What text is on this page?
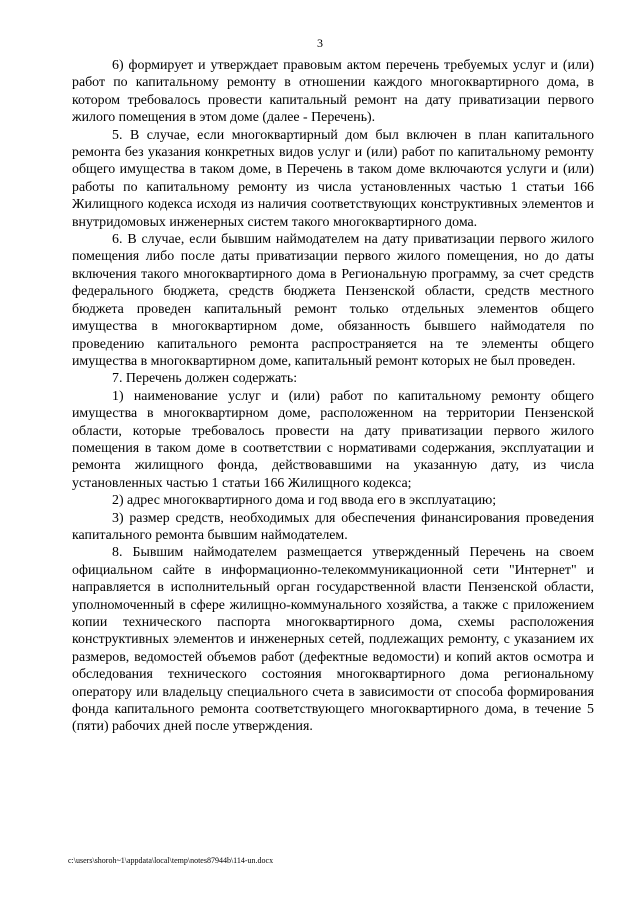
3

6) формирует и утверждает правовым актом перечень требуемых услуг и (или) работ по капитальному ремонту в отношении каждого многоквартирного дома, в котором требовалось провести капитальный ремонт на дату приватизации первого жилого помещения в этом доме (далее - Перечень).

5. В случае, если многоквартирный дом был включен в план капитального ремонта без указания конкретных видов услуг и (или) работ по капитальному ремонту общего имущества в таком доме, в Перечень в таком доме включаются услуги и (или) работы по капитальному ремонту из числа установленных частью 1 статьи 166 Жилищного кодекса исходя из наличия соответствующих конструктивных элементов и внутридомовых инженерных систем такого многоквартирного дома.

6. В случае, если бывшим наймодателем на дату приватизации первого жилого помещения либо после даты приватизации первого жилого помещения, но до даты включения такого многоквартирного дома в Региональную программу, за счет средств федерального бюджета, средств бюджета Пензенской области, средств местного бюджета проведен капитальный ремонт только отдельных элементов общего имущества в многоквартирном доме, обязанность бывшего наймодателя по проведению капитального ремонта распространяется на те элементы общего имущества в многоквартирном доме, капитальный ремонт которых не был проведен.

7. Перечень должен содержать:

1) наименование услуг и (или) работ по капитальному ремонту общего имущества в многоквартирном доме, расположенном на территории Пензенской области, которые требовалось провести на дату приватизации первого жилого помещения в таком доме в соответствии с нормативами содержания, эксплуатации и ремонта жилищного фонда, действовавшими на указанную дату, из числа установленных частью 1 статьи 166 Жилищного кодекса;

2) адрес многоквартирного дома и год ввода его в эксплуатацию;

3) размер средств, необходимых для обеспечения финансирования проведения капитального ремонта бывшим наймодателем.

8. Бывшим наймодателем размещается утвержденный Перечень на своем официальном сайте в информационно-телекоммуникационной сети "Интернет" и направляется в исполнительный орган государственной власти Пензенской области, уполномоченный в сфере жилищно-коммунального хозяйства, а также с приложением копии технического паспорта многоквартирного дома, схемы расположения конструктивных элементов и инженерных сетей, подлежащих ремонту, с указанием их размеров, ведомостей объемов работ (дефектные ведомости) и копий актов осмотра и обследования технического состояния многоквартирного дома региональному оператору или владельцу специального счета в зависимости от способа формирования фонда капитального ремонта соответствующего многоквартирного дома, в течение 5 (пяти) рабочих дней после утверждения.

c:\users\shoroh~1\appdata\local\temp\notes87944b\114-un.docx
